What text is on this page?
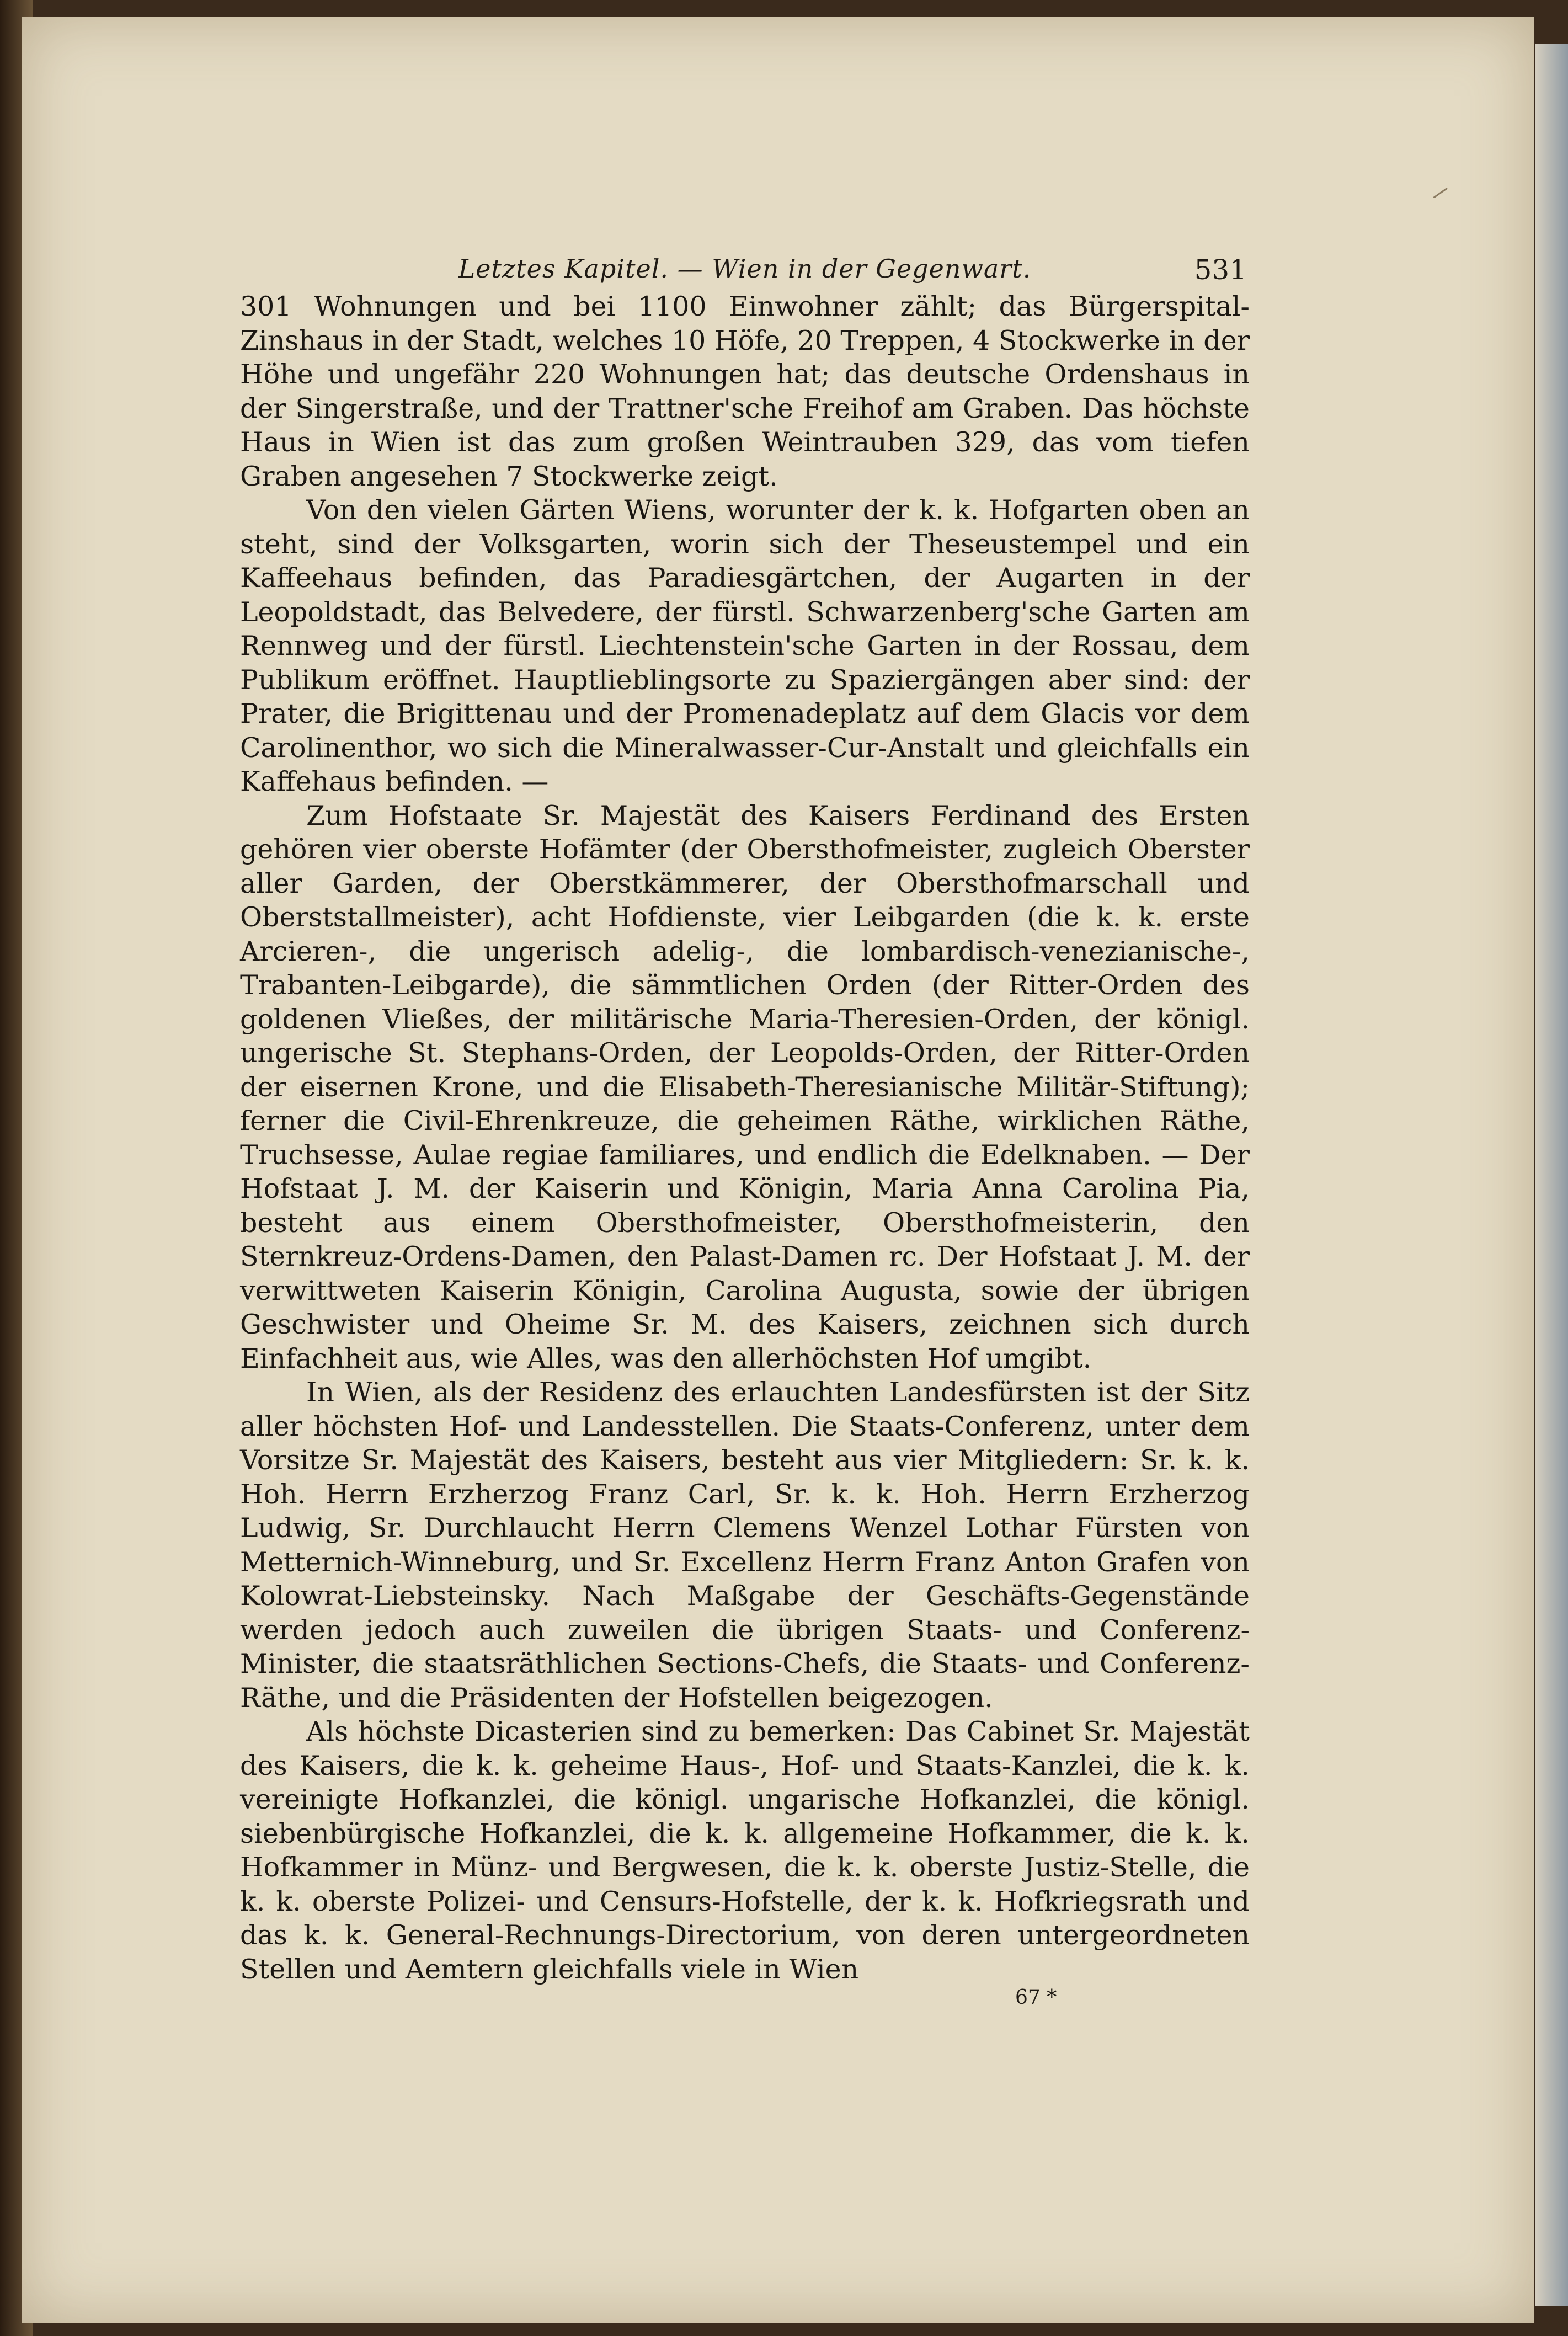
Letztes Kapitel. — Wien in der Gegenwart.	531

301 Wohnungen und bei 1100 Einwohner zählt; das Bürgerspital-Zinshaus in der Stadt, welches 10 Höfe, 20 Treppen, 4 Stockwerke in der Höhe und ungefähr 220 Wohnungen hat; das deutsche Ordenshaus in der Singerstraße, und der Trattner'sche Freihof am Graben. Das höchste Haus in Wien ist das zum großen Weintrauben 329, das vom tiefen Graben angesehen 7 Stockwerke zeigt.

Von den vielen Gärten Wiens, worunter der k. k. Hofgarten oben an steht, sind der Volksgarten, worin sich der Theseustempel und ein Kaffeehaus befinden, das Paradiesgärtchen, der Augarten in der Leopoldstadt, das Belvedere, der fürstl. Schwarzenberg'sche Garten am Rennweg und der fürstl. Liechtenstein'sche Garten in der Rossau, dem Publikum eröffnet. Hauptlieblingsorte zu Spaziergängen aber sind: der Prater, die Brigittenau und der Promenadeplatz auf dem Glacis vor dem Carolinenthor, wo sich die Mineralwasser-Cur-Anstalt und gleichfalls ein Kaffehaus befinden. —

Zum Hofstaate Sr. Majestät des Kaisers Ferdinand des Ersten gehören vier oberste Hofämter (der Obersthofmeister, zugleich Oberster aller Garden, der Oberstkämmerer, der Obersthofmarschall und Oberststallmeister), acht Hofdienste, vier Leibgarden (die k. k. erste Arcieren-, die ungerisch adelig-, die lombardisch-venezianische-, Trabanten-Leibgarde), die sämmtlichen Orden (der Ritter-Orden des goldenen Vließes, der militärische Maria-Theresien-Orden, der königl. ungerische St. Stephans-Orden, der Leopolds-Orden, der Ritter-Orden der eisernen Krone, und die Elisabeth-Theresianische Militär-Stiftung); ferner die Civil-Ehrenkreuze, die geheimen Räthe, wirklichen Räthe, Truchsesse, Aulae regiae familiares, und endlich die Edelknaben. — Der Hofstaat J. M. der Kaiserin und Königin, Maria Anna Carolina Pia, besteht aus einem Obersthofmeister, Obersthofmeisterin, den Sternkreuz-Ordens-Damen, den Palast-Damen rc. Der Hofstaat J. M. der verwittweten Kaiserin Königin, Carolina Augusta, sowie der übrigen Geschwister und Oheime Sr. M. des Kaisers, zeichnen sich durch Einfachheit aus, wie Alles, was den allerhöchsten Hof umgibt.

In Wien, als der Residenz des erlauchten Landesfürsten ist der Sitz aller höchsten Hof- und Landesstellen. Die Staats-Conferenz, unter dem Vorsitze Sr. Majestät des Kaisers, besteht aus vier Mitgliedern: Sr. k. k. Hoh. Herrn Erzherzog Franz Carl, Sr. k. k. Hoh. Herrn Erzherzog Ludwig, Sr. Durchlaucht Herrn Clemens Wenzel Lothar Fürsten von Metternich-Winneburg, und Sr. Excellenz Herrn Franz Anton Grafen von Kolowrat-Liebsteinsky. Nach Maßgabe der Geschäfts-Gegenstände werden jedoch auch zuweilen die übrigen Staats- und Conferenz-Minister, die staatsräthlichen Sections-Chefs, die Staats- und Conferenz-Räthe, und die Präsidenten der Hofstellen beigezogen.

Als höchste Dicasterien sind zu bemerken: Das Cabinet Sr. Majestät des Kaisers, die k. k. geheime Haus-, Hof- und Staats-Kanzlei, die k. k. vereinigte Hofkanzlei, die königl. ungarische Hofkanzlei, die königl. siebenbürgische Hofkanzlei, die k. k. allgemeine Hofkammer, die k. k. Hofkammer in Münz- und Bergwesen, die k. k. oberste Justiz-Stelle, die k. k. oberste Polizei- und Censurs-Hofstelle, der k. k. Hofkriegsrath und das k. k. General-Rechnungs-Directorium, von deren untergeordneten Stellen und Aemtern gleichfalls viele in Wien

67 *
